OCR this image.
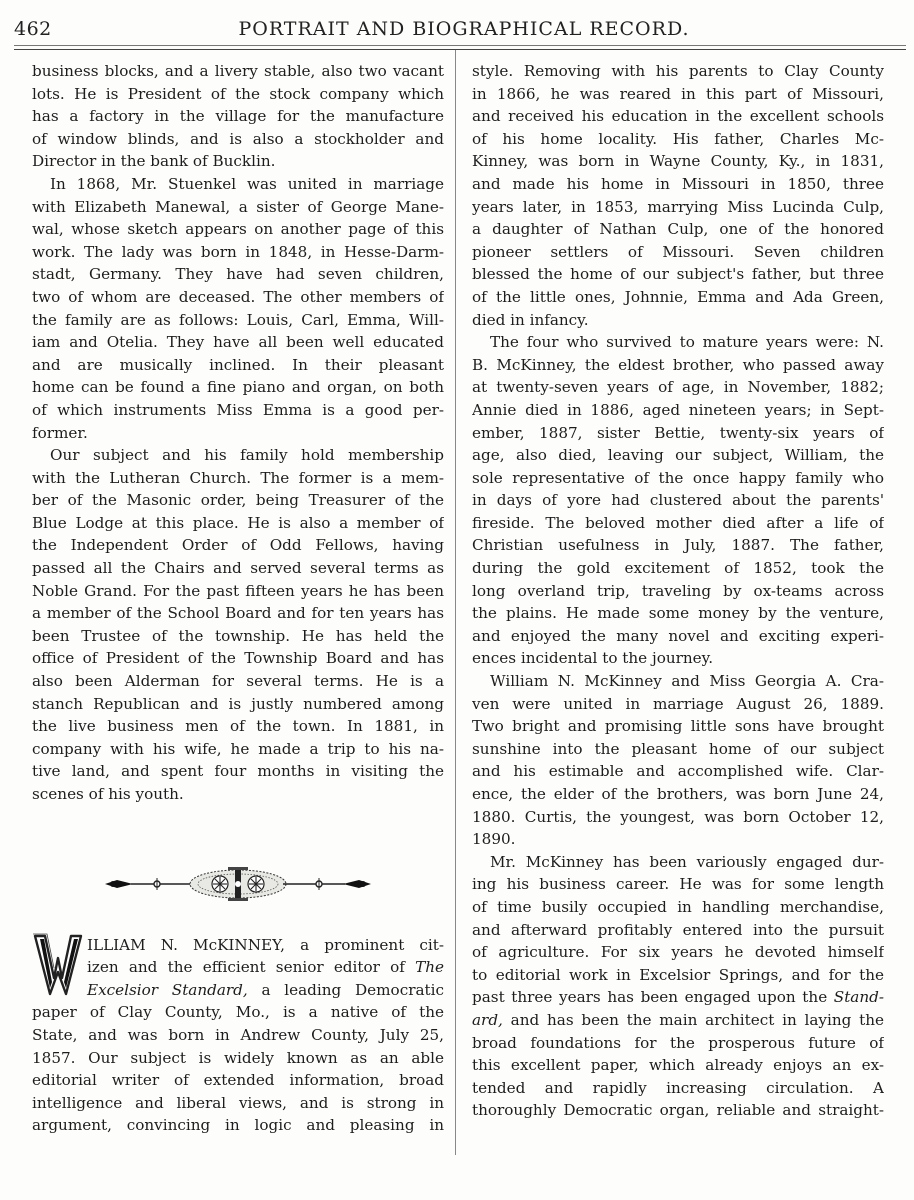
462	PORTRAIT AND BIOGRAPHICAL RECORD.
business blocks, and a livery stable, also two vacant
lots. He is President of the stock company which
has a factory in the village for the manufacture
of window blinds, and is also a stockholder and
Director in the bank of Bucklin.
In 1868, Mr. Stuenkel was united in marriage
with Elizabeth Manewal, a sister of George Mane-
wal, whose sketch appears on another page of this
work. The lady was born in 1848, in Hesse-Darm-
stadt, Germany. They have had seven children,
two of whom are deceased. The other members of
the family are as follows: Louis, Carl, Emma, Will-
iam and Otelia. They have all been well educated
and are musically inclined. In their pleasant
home can be found a fine piano and organ, on both
of which instruments Miss Emma is a good per-
former.
Our subject and his family hold membership
with the Lutheran Church. The former is a mem-
ber of the Masonic order, being Treasurer of the
Blue Lodge at this place. He is also a member of
the Independent Order of Odd Fellows, having
passed all the Chairs and served several terms as
Noble Grand. For the past fifteen years he has been
a member of the School Board and for ten years has
been Trustee of the township. He has held the
office of President of the Township Board and has
also been Alderman for several terms. He is a
stanch Republican and is justly numbered among
the live business men of the town. In 1881, in
company with his wife, he made a trip to his na-
tive land, and spent four months in visiting the
scenes of his youth.
ILLIAM N. McKINNEY, a prominent cit-
izen and the efficient senior editor of The
Excelsior Standard, a leading Democratic
paper of Clay County, Mo., is a native of the
State, and was born in Andrew County, July 25,
1857. Our subject is widely known as an able
editorial writer of extended information, broad
intelligence and liberal views, and is strong in
argument, convincing in logic and pleasing in
style. Removing with his parents to Clay County
in 1866, he was reared in this part of Missouri,
and received his education in the excellent schools
of his home locality. His father, Charles Mc-
Kinney, was born in Wayne County, Ky., in 1831,
and made his home in Missouri in 1850, three
years later, in 1853, marrying Miss Lucinda Culp,
a daughter of Nathan Culp, one of the honored
pioneer settlers of Missouri. Seven children
blessed the home of our subject's father, but three
of the little ones, Johnnie, Emma and Ada Green,
died in infancy.
The four who survived to mature years were: N.
B. McKinney, the eldest brother, who passed away
at twenty-seven years of age, in November, 1882;
Annie died in 1886, aged nineteen years; in Sept-
ember, 1887, sister Bettie, twenty-six years of
age, also died, leaving our subject, William, the
sole representative of the once happy family who
in days of yore had clustered about the parents'
fireside. The beloved mother died after a life of
Christian usefulness in July, 1887. The father,
during the gold excitement of 1852, took the
long overland trip, traveling by ox-teams across
the plains. He made some money by the venture,
and enjoyed the many novel and exciting experi-
ences incidental to the journey.
William N. McKinney and Miss Georgia A. Cra-
ven were united in marriage August 26, 1889.
Two bright and promising little sons have brought
sunshine into the pleasant home of our subject
and his estimable and accomplished wife. Clar-
ence, the elder of the brothers, was born June 24,
1880. Curtis, the youngest, was born October 12,
1890.
Mr. McKinney has been variously engaged dur-
ing his business career. He was for some length
of time busily occupied in handling merchandise,
and afterward profitably entered into the pursuit
of agriculture. For six years he devoted himself
to editorial work in Excelsior Springs, and for the
past three years has been engaged upon the Stand-
ard, and has been the main architect in laying the
broad foundations for the prosperous future of
this excellent paper, which already enjoys an ex-
tended and rapidly increasing circulation. A
thoroughly Democratic organ, reliable and straight-
